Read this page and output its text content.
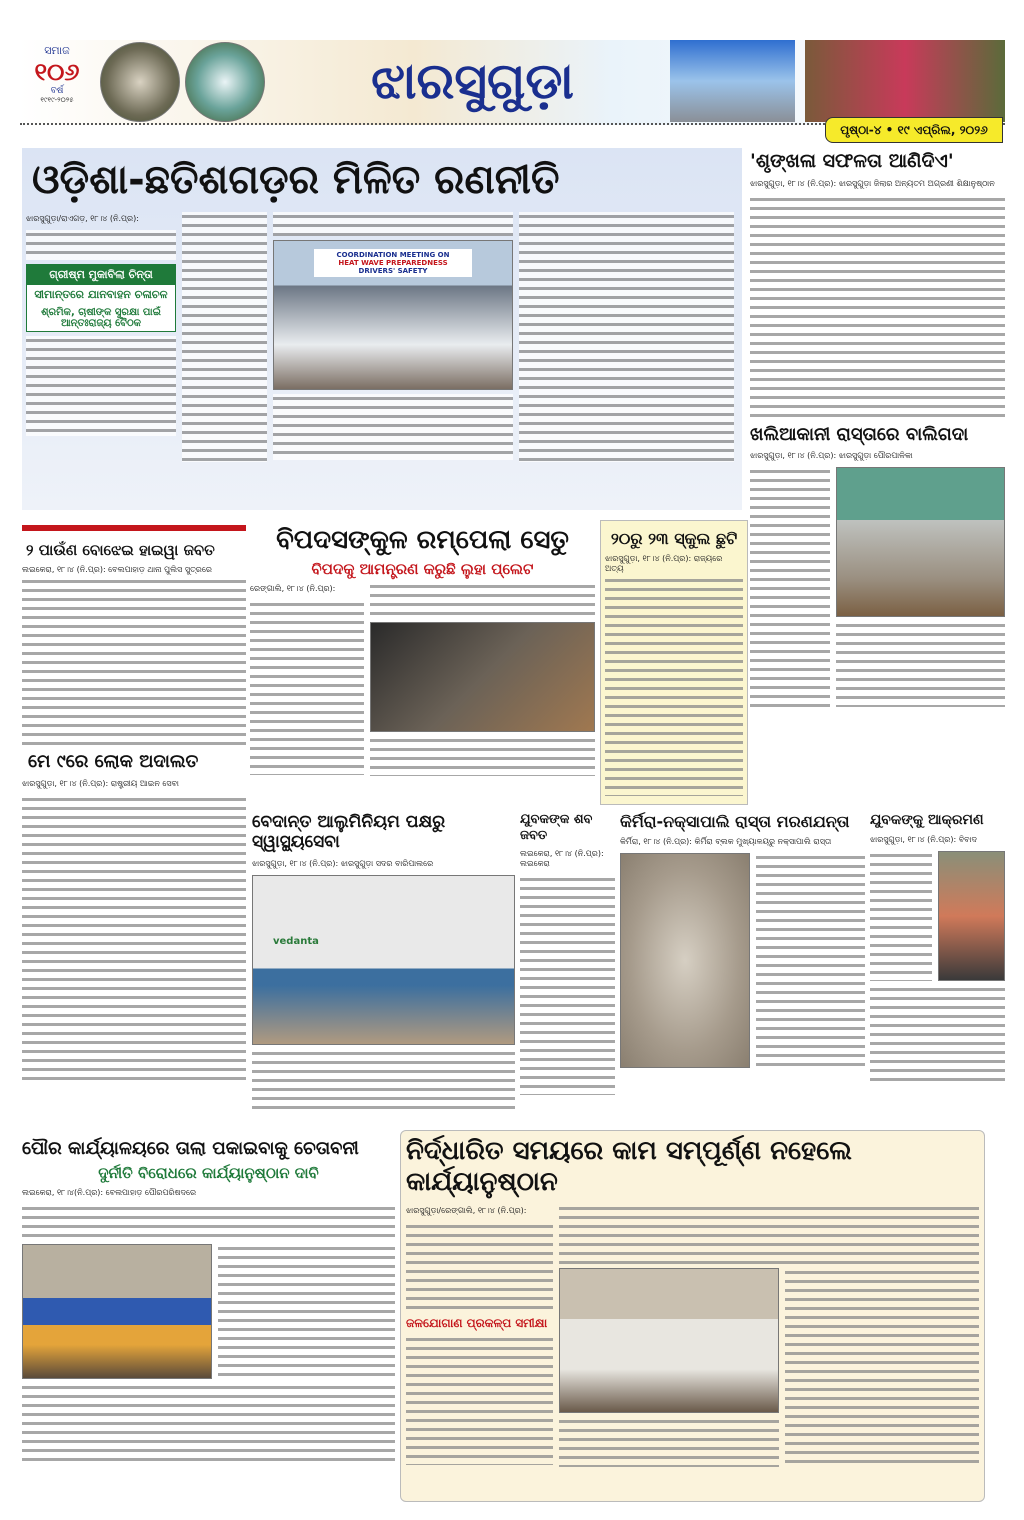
ସମାଜ
୧୦୬
ବର୍ଷ
୧୯୧୯-୨୦୨୫	ଝାରସୁଗୁଡ଼ା
ପୃଷ୍ଠା-୪ • ୧୯ ଏପ୍ରିଲ, ୨୦୨୬
ଓଡ଼ିଶା-ଛତିଶଗଡ଼ର ମିଳିତ ରଣନୀତି
ଝାରସୁଗୁଡ଼ା/ରାଏଗଡ଼, ୧୮।୪ (ନି.ପ୍ର):
ଗ୍ରୀଷ୍ମ ମୁକାବିଲା ଚିନ୍ତା
ସୀମାନ୍ତରେ ଯାନବାହନ ଚଳାଚଳ
ଶ୍ରମିକ, ଚାଷୀଙ୍କ ସୁରକ୍ଷା ପାଇଁ ଆନ୍ତଃରାଜ୍ୟ ବୈଠକ
COORDINATION MEETING ON
HEAT WAVE PREPAREDNESS
DRIVERS' SAFETY
'ଶୃଙ୍ଖଳା ସଫଳତା ଆଣିଦିଏ'
ଝାରସୁଗୁଡ଼ା, ୧୮।୪ (ନି.ପ୍ର): ଝାରସୁଗୁଡ଼ା ଜିଲାର ଅନ୍ୟତମ ଅଗ୍ରଣୀ ଶିକ୍ଷାନୁଷ୍ଠାନ
ଖଲିଆକାନୀ ରାସ୍ତାରେ ବାଲିଗଦା
ଝାରସୁଗୁଡ଼ା, ୧୮।୪ (ନି.ପ୍ର): ଝାରସୁଗୁଡ଼ା ପୌରପାଳିକା
୨ ପାଉଁଣ ବୋଝେଇ ହାଇୱା ଜବତ
ଲଇକେରା, ୧୮।୪ (ନି.ପ୍ର): ବେଲପାହାଡ଼ ଥାନା ପୁଲିସ ସୁତ୍ରରେ
ମେ ୯ରେ ଲୋକ ଅଦାଲତ
ଝାରସୁଗୁଡ଼ା, ୧୮।୪ (ନି.ପ୍ର): ରାଷ୍ଟ୍ରୀୟ ଆଇନ ସେବା
ବିପଦସଙ୍କୁଳ ରମ୍ପେଲା ସେତୁ
ବିପଦକୁ ଆମନ୍ତ୍ରଣ କରୁଛି ଲୁହା ପ୍ଲେଟ
ରେଙ୍ଗାଲି, ୧୮।୪ (ନି.ପ୍ର):
୨୦ରୁ ୨୩ ସ୍କୁଲ ଛୁଟି
ଝାରସୁଗୁଡ଼ା, ୧୮।୪ (ନି.ପ୍ର): ରାଜ୍ୟରେ ଅତ୍ୟ
ବେଦାନ୍ତ ଆଲୁମିନିୟମ ପକ୍ଷରୁ ସ୍ୱାସ୍ଥ୍ୟସେବା
ଝାରସୁଗୁଡ଼ା, ୧୮।୪ (ନି.ପ୍ର): ଝାରସୁଗୁଡ଼ା ସଦର ବାରିପାଲରେ
vedanta
ଯୁବକଙ୍କ ଶବ ଜବତ
ଲଇକେରା, ୧୮।୪ (ନି.ପ୍ର): ଲଇକେରା
କିର୍ମିରା-ନକ୍ସାପାଲି ରାସ୍ତା ମରଣଯନ୍ତା
କିର୍ମିରା, ୧୮।୪ (ନି.ପ୍ର): କିର୍ମିରା ବ୍ଲକ ମୁଖ୍ୟାଳୟରୁ ନକ୍ସାପାଲି ରାସ୍ତା
ଯୁବକଙ୍କୁ ଆକ୍ରମଣ
ଝାରସୁଗୁଡ଼ା, ୧୮।୪ (ନି.ପ୍ର): ବିବାଦ
ପୌର କାର୍ଯ୍ୟାଳୟରେ ତାଲା ପକାଇବାକୁ ଚେତାବନୀ
ଦୁର୍ନୀତି ବିରୋଧରେ କାର୍ଯ୍ୟାନୁଷ୍ଠାନ ଦାବି
ଲଇକେରା, ୧୮।୪(ନି.ପ୍ର): ବେଲପାହାଡ଼ ପୌରପରିଷଦରେ
ନିର୍ଦ୍ଧାରିତ ସମୟରେ କାମ ସମ୍ପୂର୍ଣ୍ଣ ନହେଲେ କାର୍ଯ୍ୟାନୁଷ୍ଠାନ
ଝାରସୁଗୁଡ଼ା/ରେଙ୍ଗାଲି, ୧୮।୪ (ନି.ପ୍ର):
ଜଳଯୋଗାଣ ପ୍ରକଳ୍ପ ସମୀକ୍ଷା
